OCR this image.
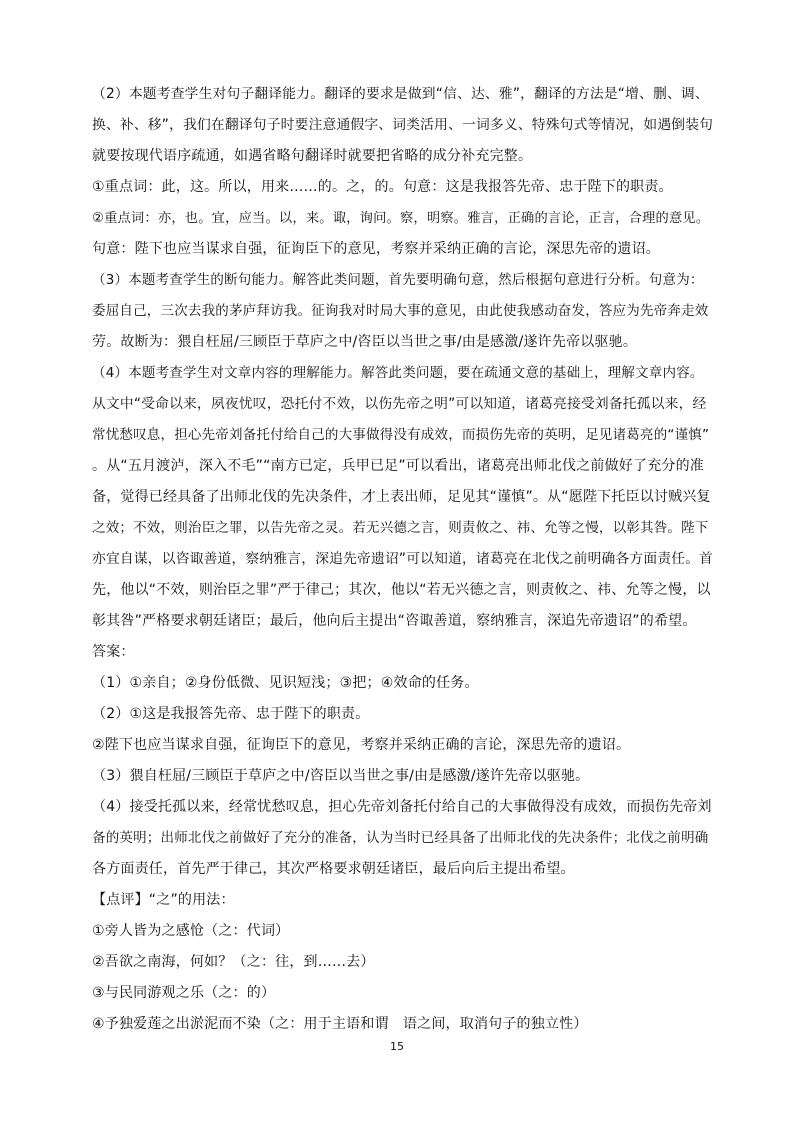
（2）本题考查学生对句子翻译能力。翻译的要求是做到“信、达、雅”，翻译的方法是“增、删、调、
换、补、移”，我们在翻译句子时要注意通假字、词类活用、一词多义、特殊句式等情况，如遇倒装句
就要按现代语序疏通，如遇省略句翻译时就要把省略的成分补充完整。
①重点词：此，这。所以，用来……的。之，的。句意：这是我报答先帝、忠于陛下的职责。
②重点词：亦，也。宜，应当。以，来。诹，询问。察，明察。雅言，正确的言论，正言，合理的意见。
句意：陛下也应当谋求自强，征询臣下的意见，考察并采纳正确的言论，深思先帝的遗诏。
（3）本题考查学生的断句能力。解答此类问题，首先要明确句意，然后根据句意进行分析。句意为：
委屈自己，三次去我的茅庐拜访我。征询我对时局大事的意见，由此使我感动奋发，答应为先帝奔走效
劳。故断为：猥自枉屈/三顾臣于草庐之中/咨臣以当世之事/由是感激/遂许先帝以驱驰。
（4）本题考查学生对文章内容的理解能力。解答此类问题，要在疏通文意的基础上，理解文章内容。
从文中“受命以来，夙夜忧叹，恐托付不效，以伤先帝之明”可以知道，诸葛亮接受刘备托孤以来，经
常忧愁叹息，担心先帝刘备托付给自己的大事做得没有成效，而损伤先帝的英明，足见诸葛亮的“谨慎”
。从“五月渡泸，深入不毛”“南方已定，兵甲已足”可以看出，诸葛亮出师北伐之前做好了充分的准
备，觉得已经具备了出师北伐的先决条件，才上表出师，足见其“谨慎”。从“愿陛下托臣以讨贼兴复
之效；不效，则治臣之罪，以告先帝之灵。若无兴德之言，则责攸之、祎、允等之慢，以彰其咎。陛下
亦宜自谋，以咨诹善道，察纳雅言，深追先帝遗诏”可以知道，诸葛亮在北伐之前明确各方面责任。首
先，他以“不效，则治臣之罪”严于律己；其次，他以“若无兴德之言，则责攸之、祎、允等之慢，以
彰其咎”严格要求朝廷诸臣；最后，他向后主提出“咨诹善道，察纳雅言，深追先帝遗诏”的希望。
答案：
（1）①亲自；②身份低微、见识短浅；③把；④效命的任务。
（2）①这是我报答先帝、忠于陛下的职责。
②陛下也应当谋求自强，征询臣下的意见，考察并采纳正确的言论，深思先帝的遗诏。
（3）猥自枉屈/三顾臣于草庐之中/咨臣以当世之事/由是感激/遂许先帝以驱驰。
（4）接受托孤以来，经常忧愁叹息，担心先帝刘备托付给自己的大事做得没有成效，而损伤先帝刘
备的英明；出师北伐之前做好了充分的准备，认为当时已经具备了出师北伐的先决条件；北伐之前明确
各方面责任，首先严于律己，其次严格要求朝廷诸臣，最后向后主提出希望。
【点评】“之”的用法：
①旁人皆为之感怆（之：代词）
②吾欲之南海，何如？（之：往，到……去）
③与民同游观之乐（之：的）
④予独爱莲之出淤泥而不染（之：用于主语和谓　语之间，取消句子的独立性）
15
